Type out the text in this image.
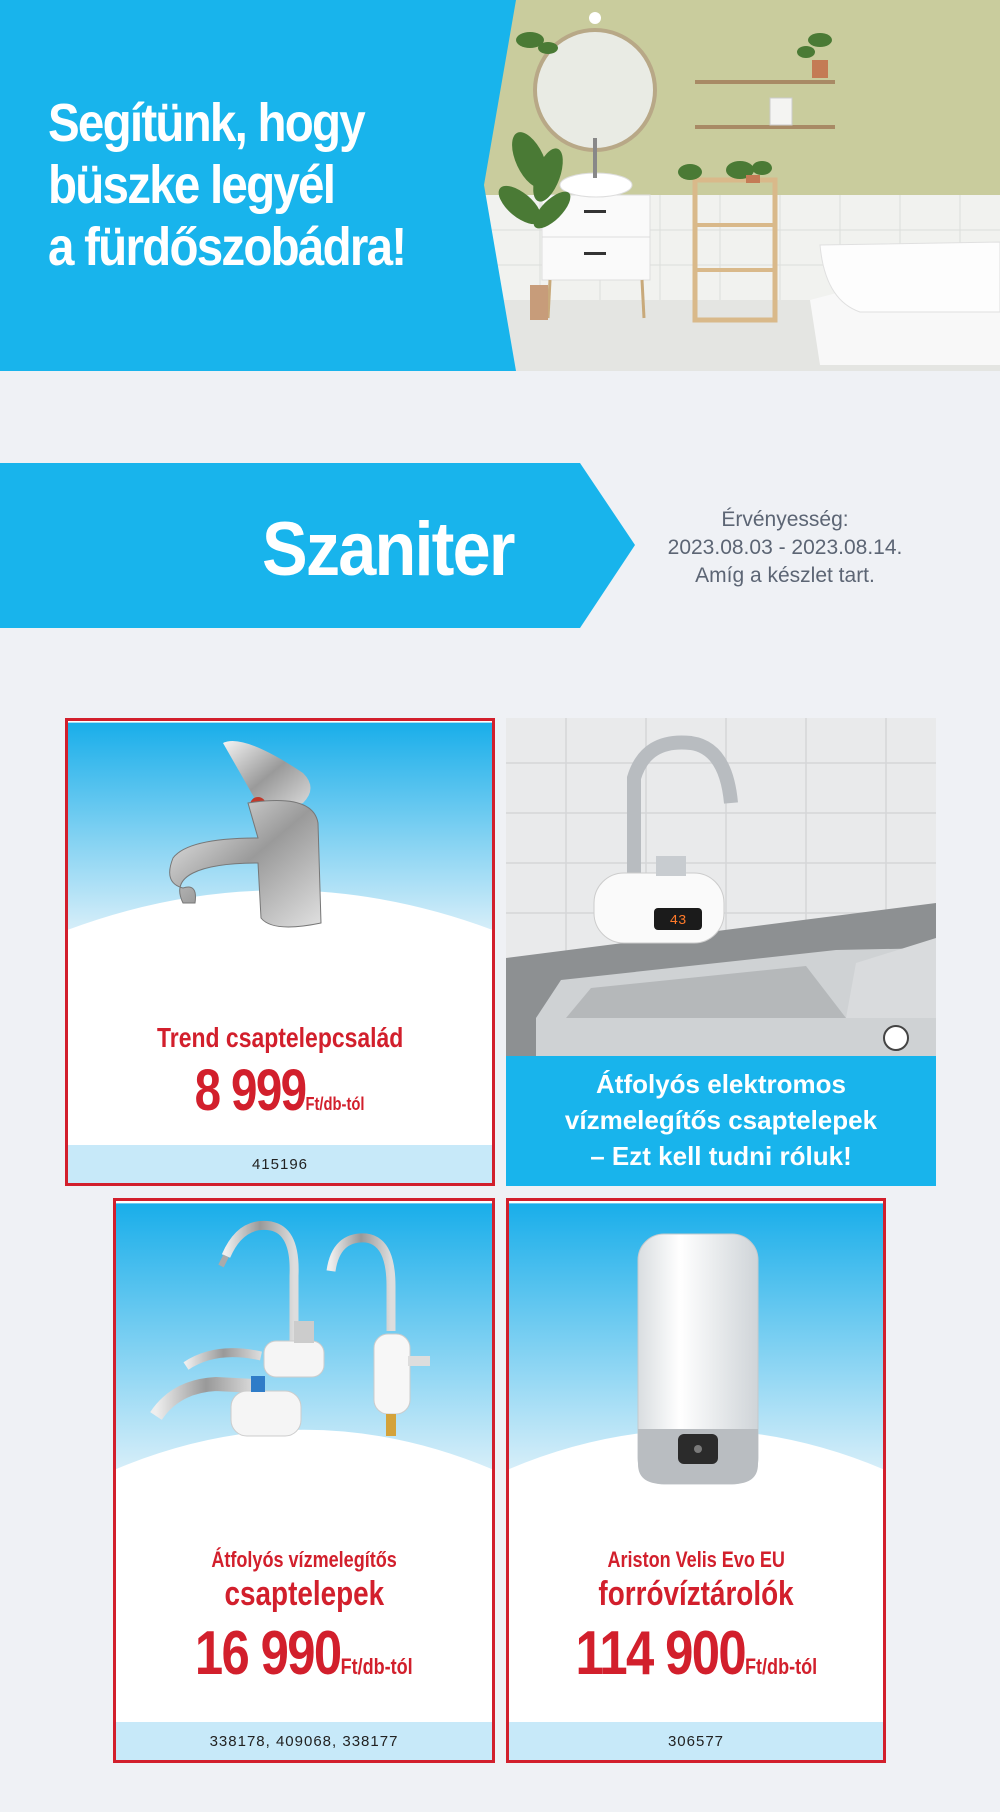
Segítünk, hogy
büszke legyél
a fürdőszobádra!
Szaniter	Érvényesség:
2023.08.03 - 2023.08.14.
Amíg a készlet tart.
Trend csaptelepcsalád
8 999Ft/db-tól
415196
43
Átfolyós elektromos
vízmelegítős csaptelepek
– Ezt kell tudni róluk!
Átfolyós vízmelegítős
csaptelepek
16 990Ft/db-tól
338178, 409068, 338177
Ariston Velis Evo EU
forróvíztárolók
114 900Ft/db-tól
306577
